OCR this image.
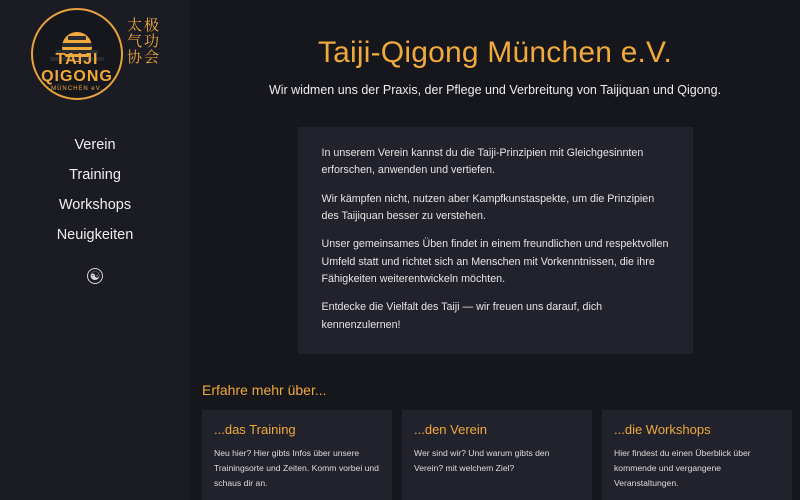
TAIJI
QIGONG
MÜNCHEN eV.
太 极
气 功
协 会
Verein
Training
Workshops
Neuigkeiten
☯
Taiji-Qigong München e.V.
Wir widmen uns der Praxis, der Pflege und Verbreitung von Taijiquan und Qigong.

In unserem Verein kannst du die Taiji-Prinzipien mit Gleichgesinnten erforschen, anwenden und vertiefen.

Wir kämpfen nicht, nutzen aber Kampfkunstaspekte, um die Prinzipien des Taijiquan besser zu verstehen.

Unser gemeinsames Üben findet in einem freundlichen und respektvollen Umfeld statt und richtet sich an Menschen mit Vorkenntnissen, die ihre Fähigkeiten weiterentwickeln möchten.

Entdecke die Vielfalt des Taiji — wir freuen uns darauf, dich kennenzulernen!

Erfahre mehr über...
...das Training
Neu hier? Hier gibts Infos über unsere Trainingsorte und Zeiten. Komm vorbei und schaus dir an.
...den Verein
Wer sind wir? Und warum gibts den Verein? mit welchem Ziel?
...die Workshops
Hier findest du einen Überblick über kommende und vergangene Veranstaltungen.
